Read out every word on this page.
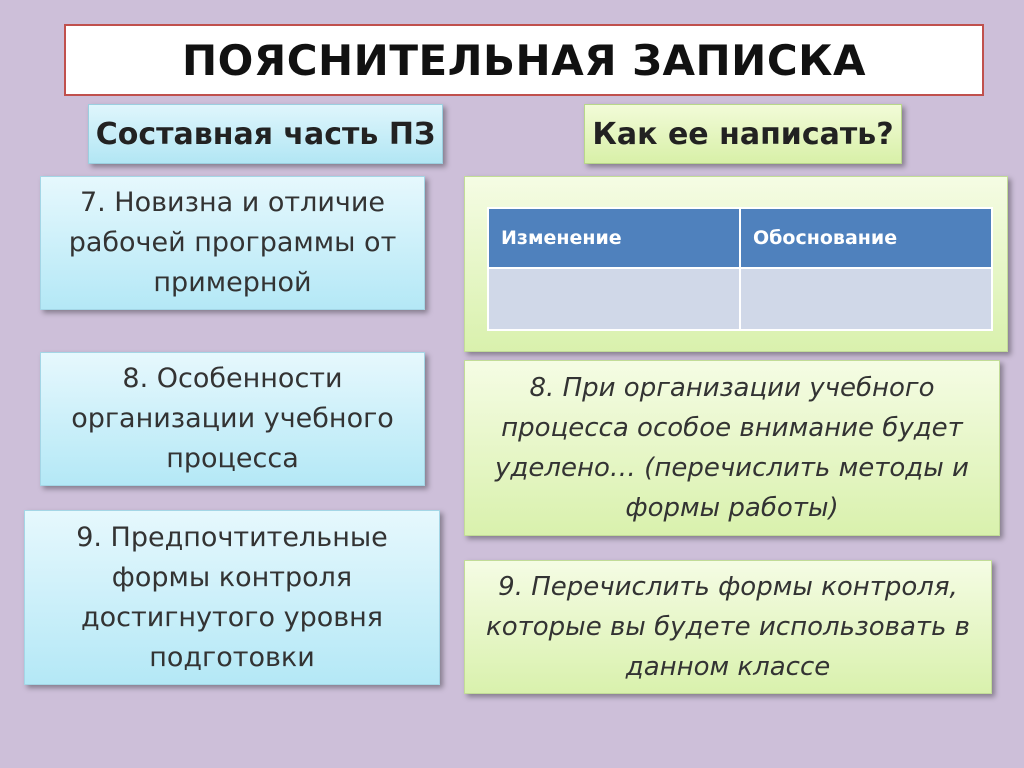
ПОЯСНИТЕЛЬНАЯ ЗАПИСКА
Составная часть ПЗ	Как ее написать?
7. Новизна и отличие рабочей программы от примерной
8. Особенности организации учебного процесса
9. Предпочтительные формы контроля достигнутого уровня подготовки
Изменение	Обоснование

8. При организации учебного процесса особое внимание будет уделено… (перечислить методы и формы работы)
9. Перечислить формы контроля, которые вы будете использовать в данном классе
